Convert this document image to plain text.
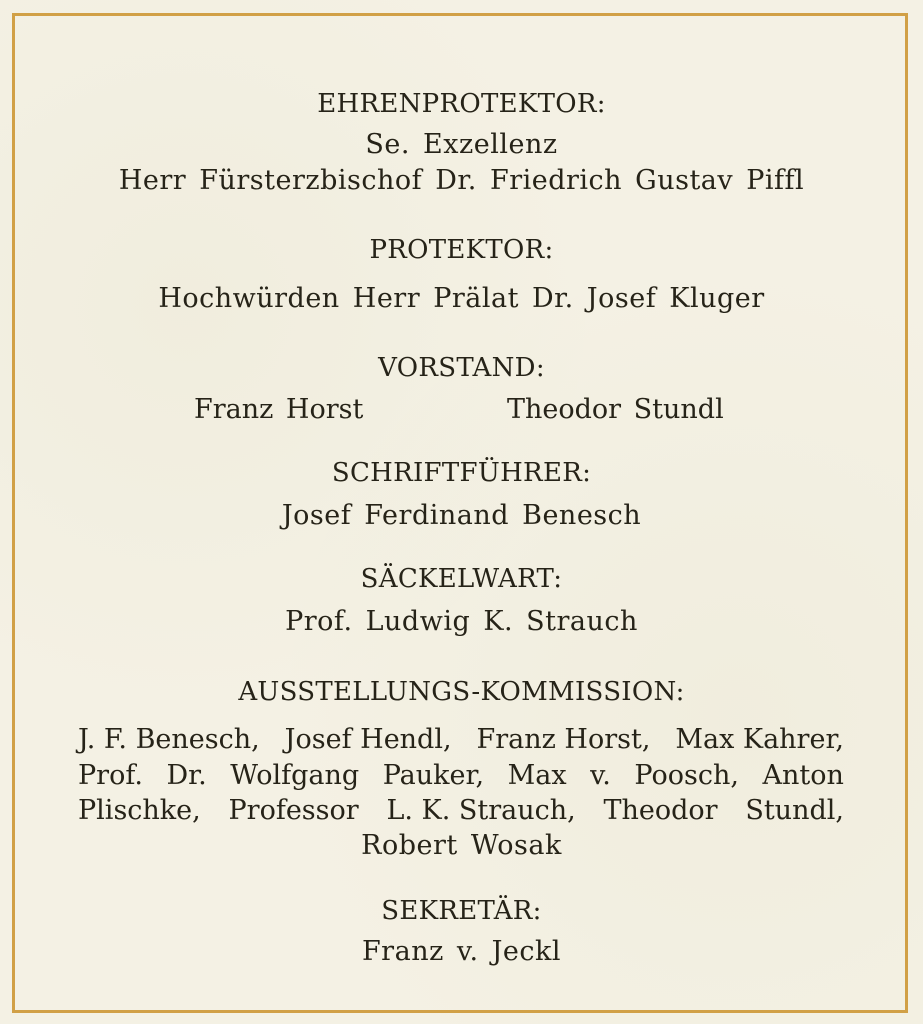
EHRENPROTEKTOR:
Se. Exzellenz
Herr Fürsterzbischof Dr. Friedrich Gustav Piffl
PROTEKTOR:
Hochwürden Herr Prälat Dr. Josef Kluger
VORSTAND:
Franz Horst	Theodor Stundl
SCHRIFTFÜHRER:
Josef Ferdinand Benesch
SÄCKELWART:
Prof. Ludwig K. Strauch
AUSSTELLUNGS-KOMMISSION:
J. F. Benesch, Josef Hendl, Franz Horst, Max Kahrer,
Prof. Dr. Wolfgang Pauker, Max v. Poosch, Anton
Plischke, Professor L. K. Strauch, Theodor Stundl,
Robert Wosak
SEKRETÄR:
Franz v. Jeckl
